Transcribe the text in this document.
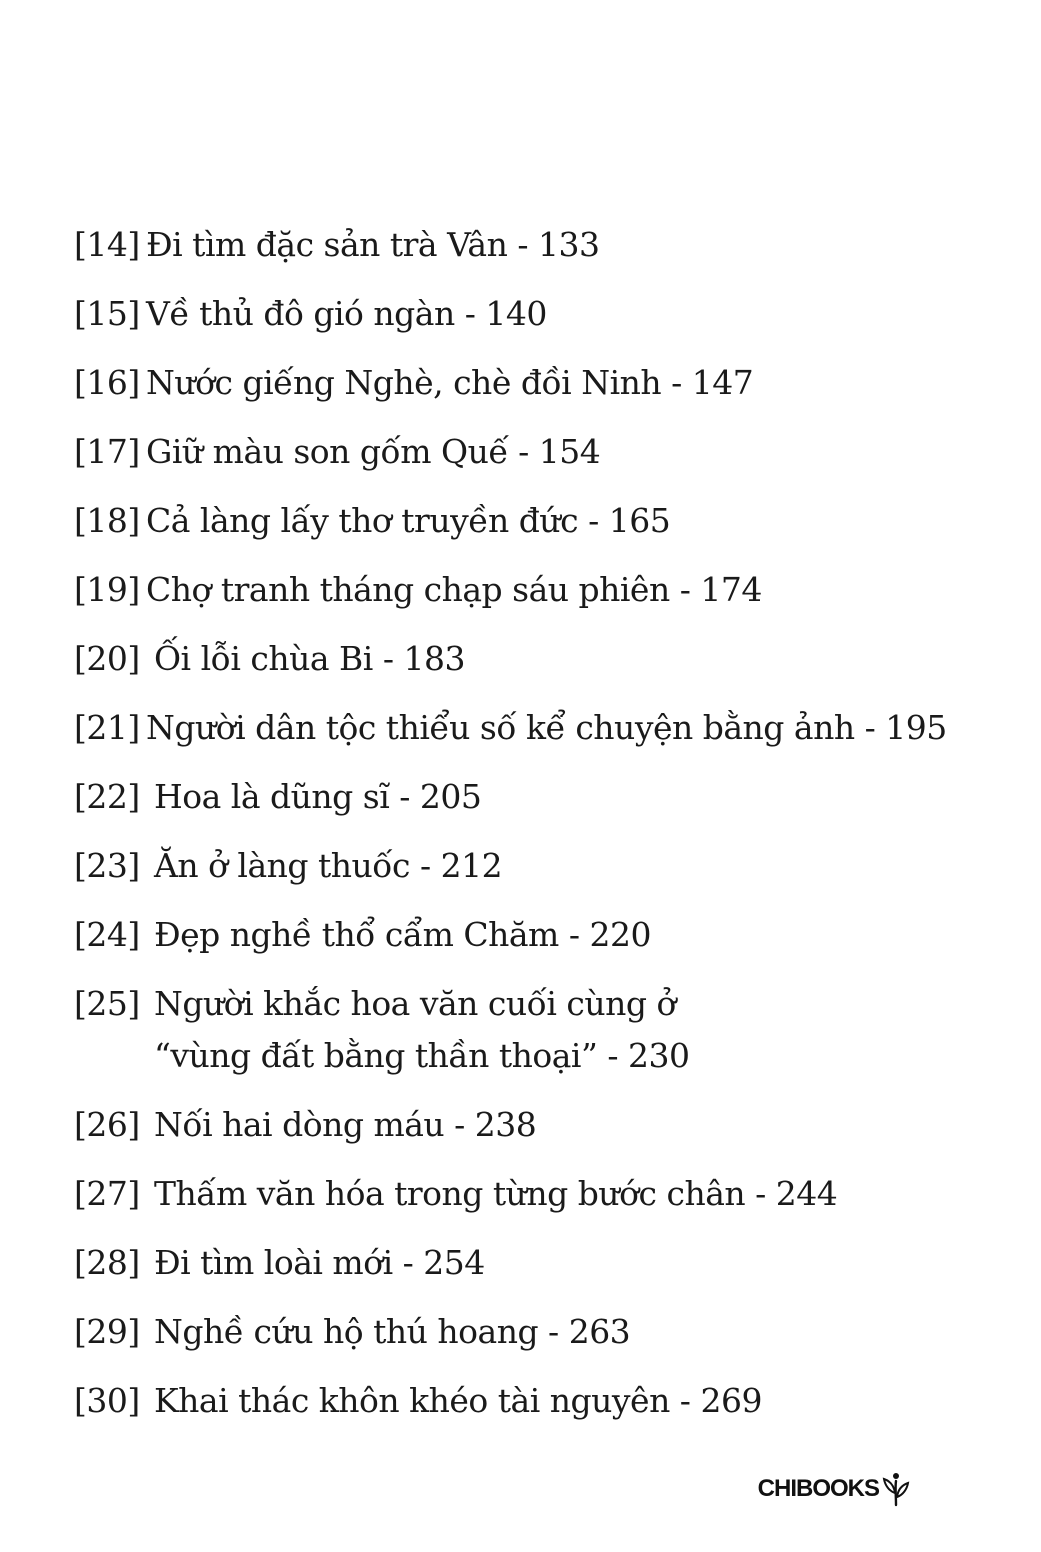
[14] Đi tìm đặc sản trà Vân - 133
[15] Về thủ đô gió ngàn - 140
[16] Nước giếng Nghè, chè đồi Ninh - 147
[17] Giữ màu son gốm Quế - 154
[18] Cả làng lấy thơ truyền đức - 165
[19] Chợ tranh tháng chạp sáu phiên - 174
[20] Ối lỗi chùa Bi - 183
[21] Người dân tộc thiểu số kể chuyện bằng ảnh - 195
[22] Hoa là dũng sĩ - 205
[23] Ăn ở làng thuốc - 212
[24] Đẹp nghề thổ cẩm Chăm - 220
[25] Người khắc hoa văn cuối cùng ở
“vùng đất bằng thần thoại” - 230
[26] Nối hai dòng máu - 238
[27] Thấm văn hóa trong từng bước chân - 244
[28] Đi tìm loài mới - 254
[29] Nghề cứu hộ thú hoang - 263
[30] Khai thác khôn khéo tài nguyên - 269
CHIBOOKS
